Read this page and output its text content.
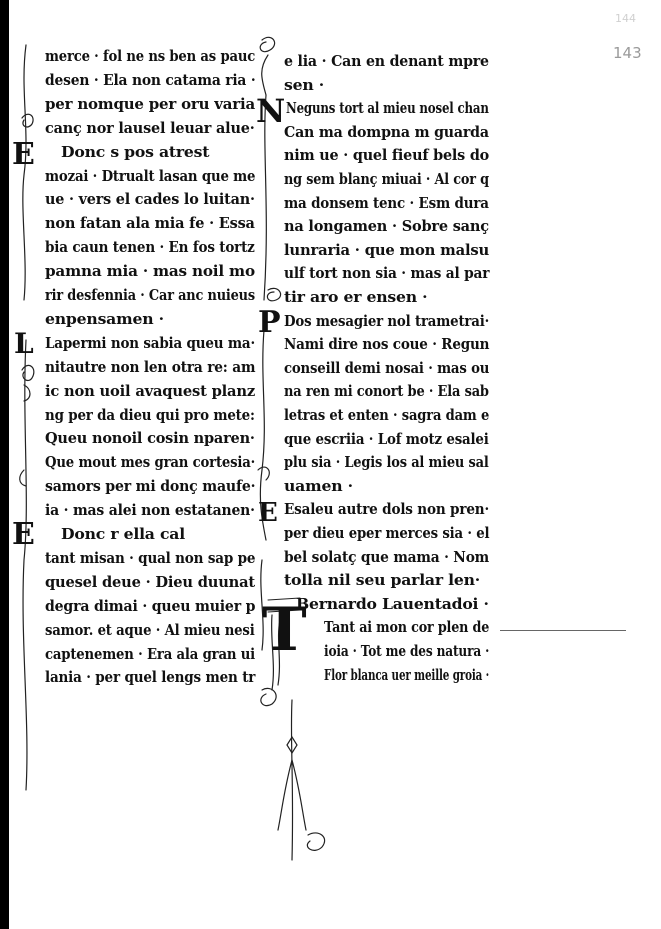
144
143
E
L
E
N
P
E
T
merce · fol ne ns ben as pauc
desen · Ela non catama ria ·
per nomque per oru varia
canç nor lausel leuar alue·
Donc s pos atrest
mozai · Dtrualt lasan que me
ue · vers el cades lo luitan·
non fatan ala mia fe · Essa
bia caun tenen · En fos tortz
pamna mia · mas noil mo
rir desfennia · Car anc nuieus
enpensamen ·
Lapermi non sabia queu ma·
nitautre non len otra re: am
ic non uoil avaquest planz
ng per da dieu qui pro mete:
Queu nonoil cosin nparen·
Que mout mes gran cortesia·
samors per mi donç maufe·
ia · mas alei non estatanen·
Donc r ella cal
tant misan · qual non sap pe
quesel deue · Dieu duunat
degra dimai · queu muier p
samor. et aque · Al mieu nesi
captenemen · Era ala gran ui
lania · per quel lengs men tr
e lia · Can en denant mpre
sen ·
Neguns tort al mieu nosel chan
Can ma dompna m guarda
nim ue · quel fieuf bels do
ng sem blanç miuai · Al cor q
ma donsem tenc · Esm dura
na longamen · Sobre sanç
lunraria · que mon malsu
ulf tort non sia · mas al par
tir aro er ensen ·
Dos mesagier nol trametrai·
Nami dire nos coue · Regun
conseill demi nosai · mas ou
na ren mi conort be · Ela sab
letras et enten · sagra dam e
que escriia · Lof motz esalei
plu sia · Legis los al mieu sal
uamen ·
Esaleu autre dols non pren·
per dieu eper merces sia · el
bel solatç que mama · Nom
tolla nil seu parlar len·
Bernardo Lauentadoi ·
Tant ai mon cor plen de
ioia · Tot me des natura ·
Flor blanca uer meille groia ·
